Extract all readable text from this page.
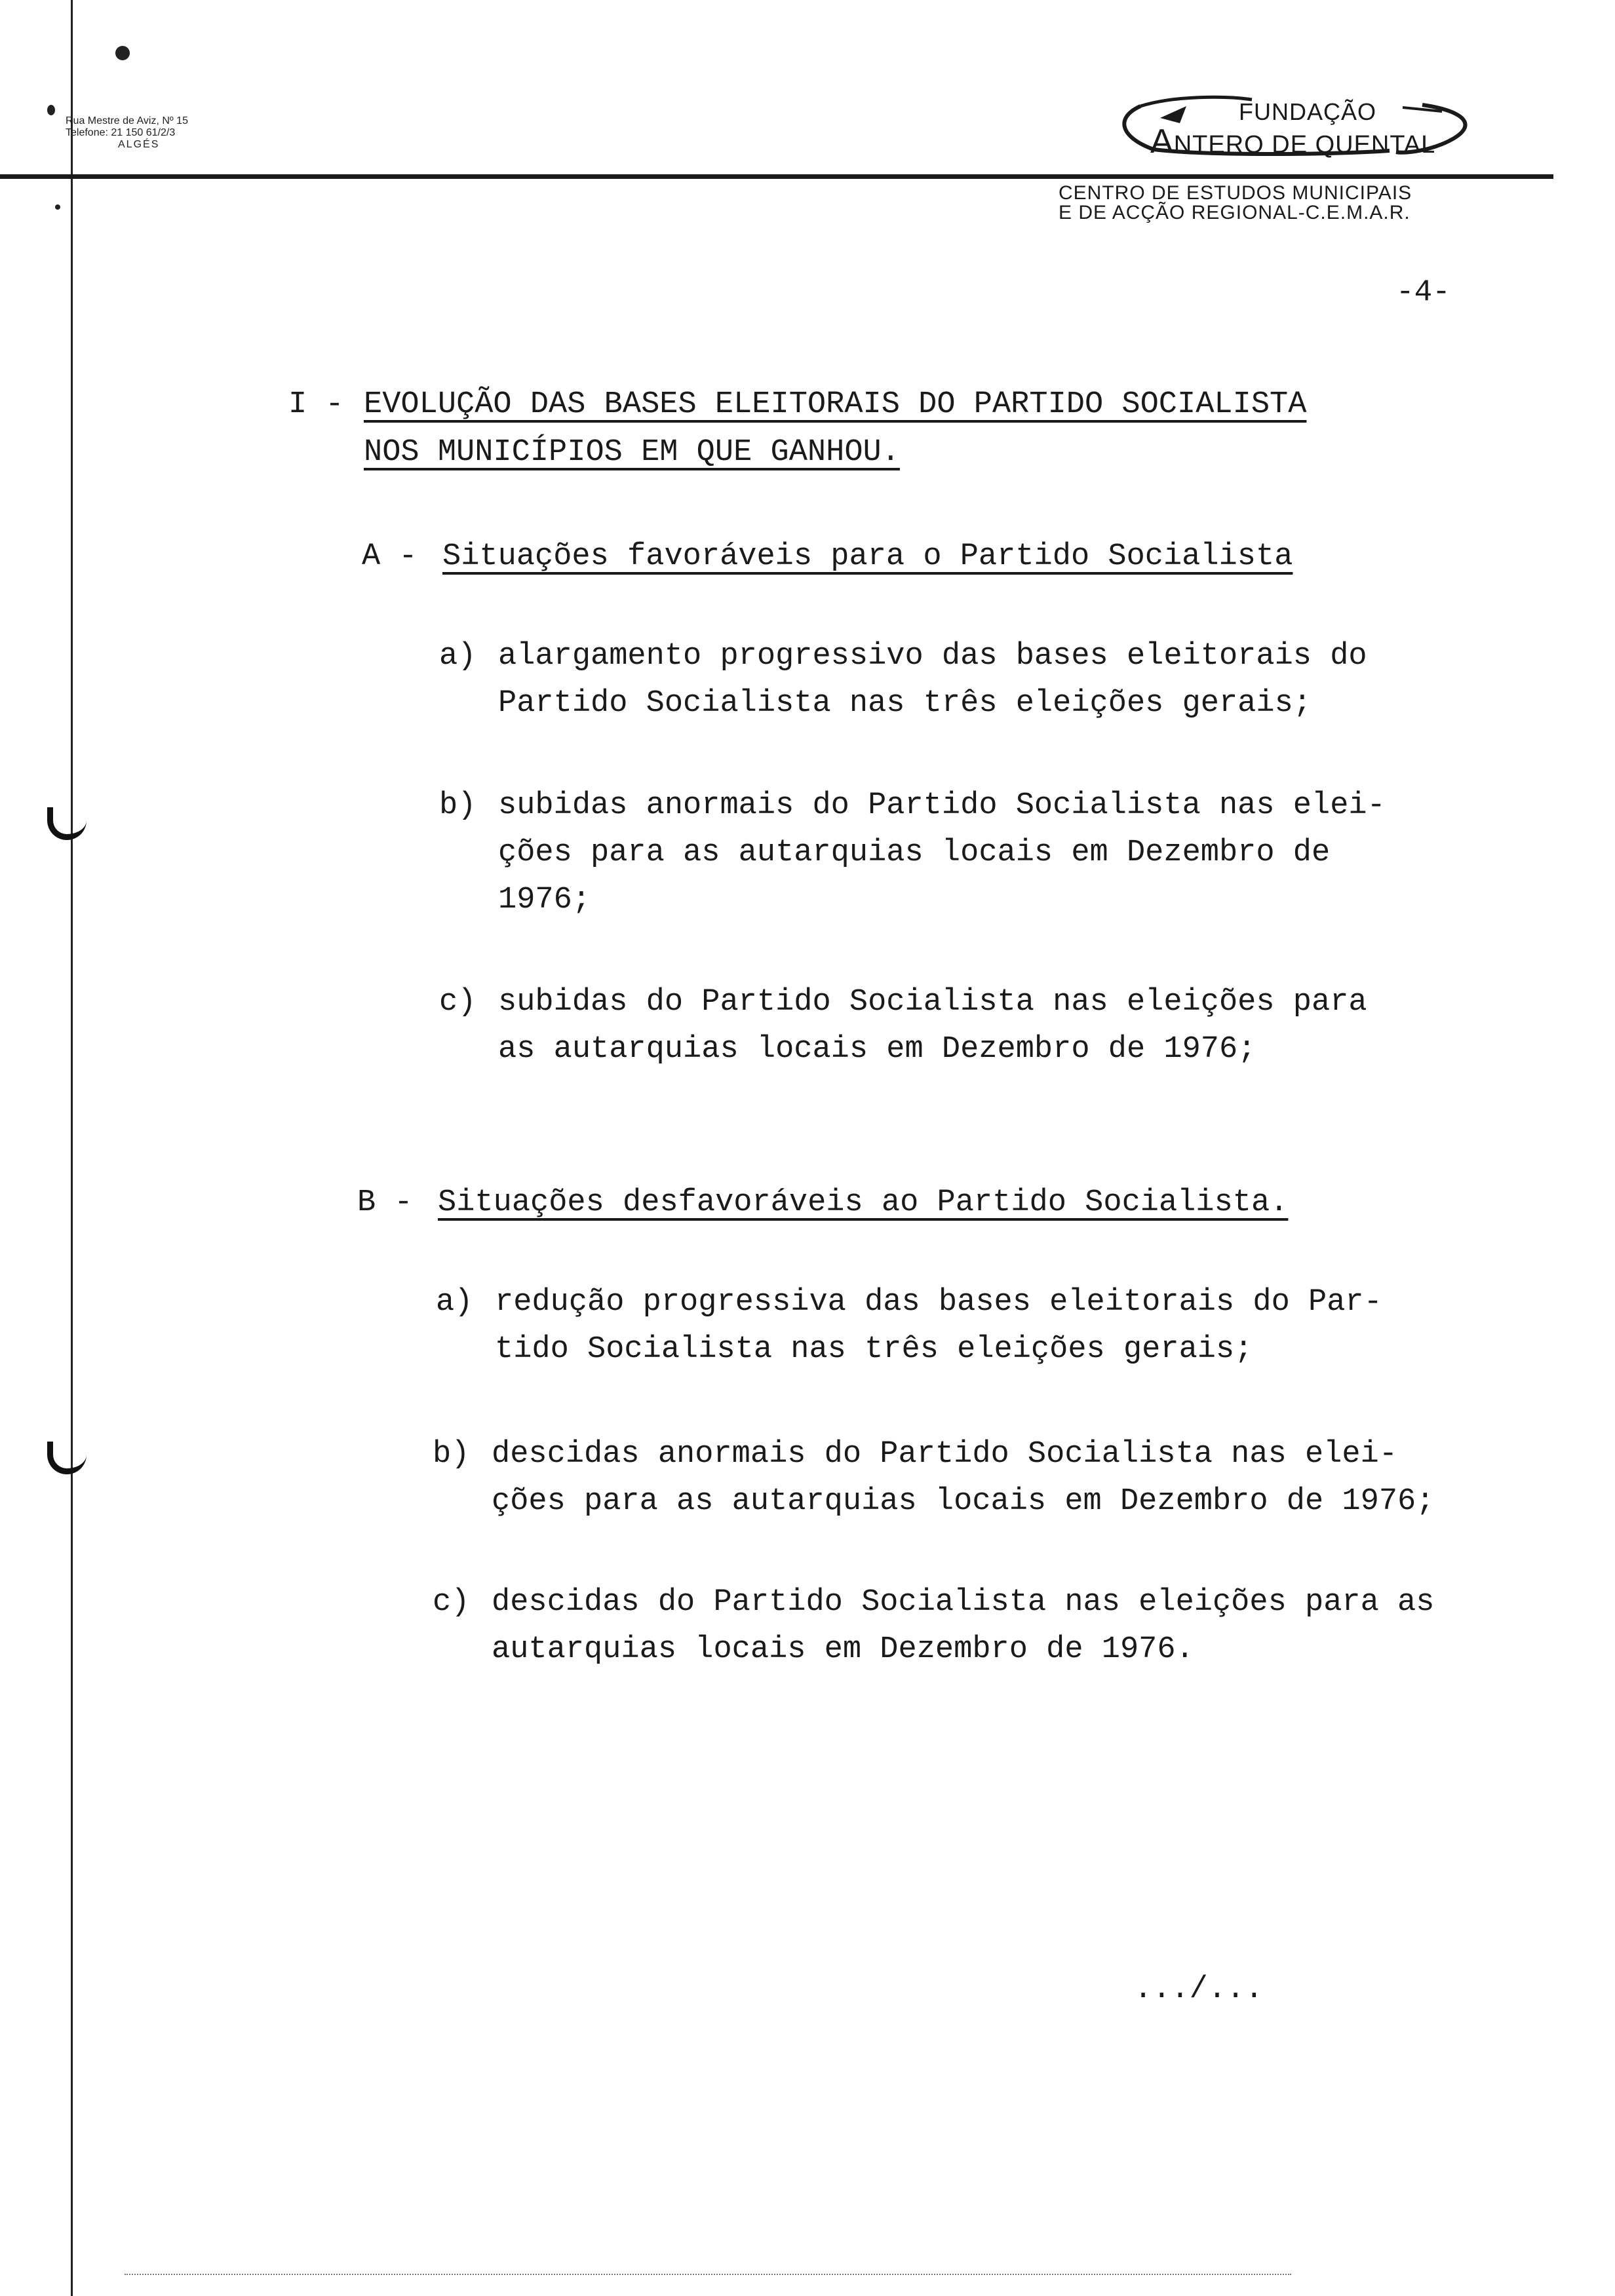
Rua Mestre de Aviz, Nº 15
Telefone: 21 150 61/2/3
ALGÉS
FUNDAÇÃO
ANTERO DE QUENTAL
CENTRO DE ESTUDOS MUNICIPAIS
E DE ACÇÃO REGIONAL-C.E.M.A.R.
-4-
I - EVOLUÇÃO DAS BASES ELEITORAIS DO PARTIDO SOCIALISTA
NOS MUNICÍPIOS EM QUE GANHOU.
A - Situações favoráveis para o Partido Socialista
a) alargamento progressivo das bases eleitorais do
Partido Socialista nas três eleições gerais;
b) subidas anormais do Partido Socialista nas elei-
ções para as autarquias locais em Dezembro de
1976;
c) subidas do Partido Socialista nas eleições para
as autarquias locais em Dezembro de 1976;
B - Situações desfavoráveis ao Partido Socialista.
a) redução progressiva das bases eleitorais do Par-
tido Socialista nas três eleições gerais;
b) descidas anormais do Partido Socialista nas elei-
ções para as autarquias locais em Dezembro de 1976;
c) descidas do Partido Socialista nas eleições para as
autarquias locais em Dezembro de 1976.
.../...
